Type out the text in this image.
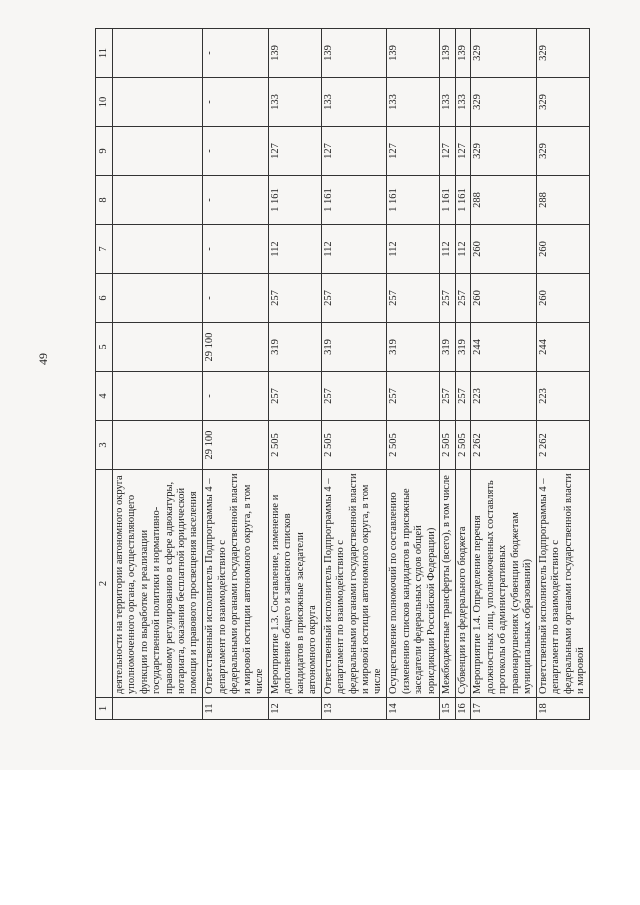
49
1	2	3	4	5	6	7	8	9	10	11
	деятельности на территории автономного округа уполномоченного органа, осуществляющего функции по выработке и реализации государственной политики и нормативно-правовому регулированию в сфере адвокатуры, нотариата, оказания бесплатной юридической помощи и правового просвещения населения									
11	Ответственный исполнитель Подпрограммы 4 – департамент по взаимодействию с федеральными органами государственной власти и мировой юстиции автономного округа, в том числе	29 100	-	29 100	-	-	-	-	-	-
12	Мероприятие 1.3. Составление, изменение и дополнение общего и запасного списков кандидатов в присяжные заседатели автономного округа	2 505	257	319	257	112	1 161	127	133	139
13	Ответственный исполнитель Подпрограммы 4 – департамент по взаимодействию с федеральными органами государственной власти и мировой юстиции автономного округа, в том числе	2 505	257	319	257	112	1 161	127	133	139
14	Осуществление полномочий по составлению (изменению списков кандидатов в присяжные заседатели федеральных судов общей юрисдикции Российской Федерации)	2 505	257	319	257	112	1 161	127	133	139
15	Межбюджетные трансферты (всего), в том числе	2 505	257	319	257	112	1 161	127	133	139
16	Субвенции из федерального бюджета	2 505	257	319	257	112	1 161	127	133	139
17	Мероприятие 1.4. Определение перечня должностных лиц, уполномоченных составлять протоколы об административных правонарушениях (субвенции бюджетам муниципальных образований)	2 262	223	244	260	260	288	329	329	329
18	Ответственный исполнитель Подпрограммы 4 – департамент по взаимодействию с федеральными органами государственной власти и мировой	2 262	223	244	260	260	288	329	329	329
